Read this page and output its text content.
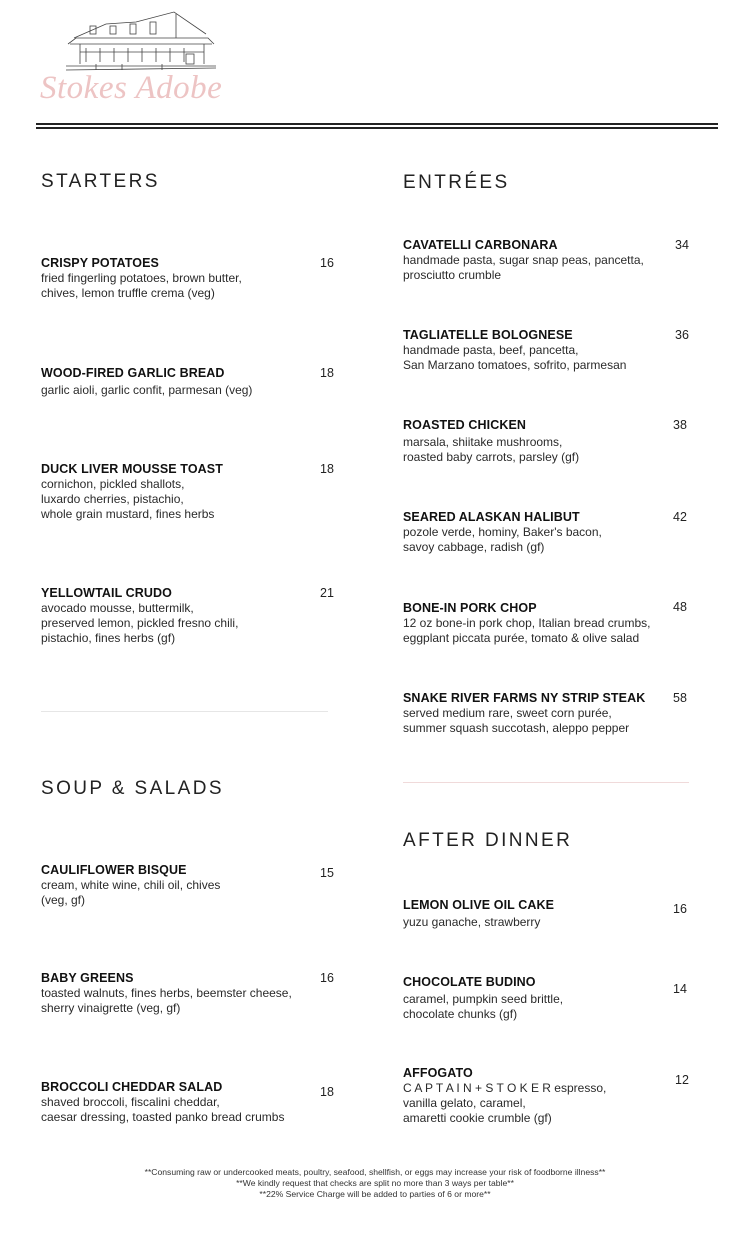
Stokes Adobe
STARTERS
CRISPY POTATOES
fried fingerling potatoes, brown butter,
chives, lemon truffle crema (veg)
16
WOOD-FIRED GARLIC BREAD
garlic aioli, garlic confit, parmesan (veg)
18
DUCK LIVER MOUSSE TOAST
cornichon, pickled shallots,
luxardo cherries, pistachio,
whole grain mustard, fines herbs
18
YELLOWTAIL CRUDO
avocado mousse, buttermilk,
preserved lemon, pickled fresno chili,
pistachio, fines herbs (gf)
21
SOUP & SALADS
CAULIFLOWER BISQUE
cream, white wine, chili oil, chives
(veg, gf)
15
BABY GREENS
toasted walnuts, fines herbs, beemster cheese,
sherry vinaigrette (veg, gf)
16
BROCCOLI CHEDDAR SALAD
shaved broccoli, fiscalini cheddar,
caesar dressing, toasted panko bread crumbs
18
ENTRÉES
CAVATELLI CARBONARA
handmade pasta, sugar snap peas, pancetta,
prosciutto crumble
34
TAGLIATELLE BOLOGNESE
handmade pasta, beef, pancetta,
San Marzano tomatoes, sofrito, parmesan
36
ROASTED CHICKEN
marsala, shiitake mushrooms,
roasted baby carrots, parsley (gf)
38
SEARED ALASKAN HALIBUT
pozole verde, hominy, Baker's bacon,
savoy cabbage, radish (gf)
42
BONE-IN PORK CHOP
12 oz bone-in pork chop, Italian bread crumbs,
eggplant piccata purée, tomato & olive salad
48
SNAKE RIVER FARMS NY STRIP STEAK
served medium rare, sweet corn purée,
summer squash succotash, aleppo pepper
58
AFTER DINNER
LEMON OLIVE OIL CAKE
yuzu ganache, strawberry
16
CHOCOLATE BUDINO
caramel, pumpkin seed brittle,
chocolate chunks (gf)
14
AFFOGATO
C A P T A I N + S T O K E R espresso,
vanilla gelato, caramel,
amaretti cookie crumble (gf)
12
**Consuming raw or undercooked meats, poultry, seafood, shellfish, or eggs may increase your risk of foodborne illness**
**We kindly request that checks are split no more than 3 ways per table**
**22% Service Charge will be added to parties of 6 or more**
